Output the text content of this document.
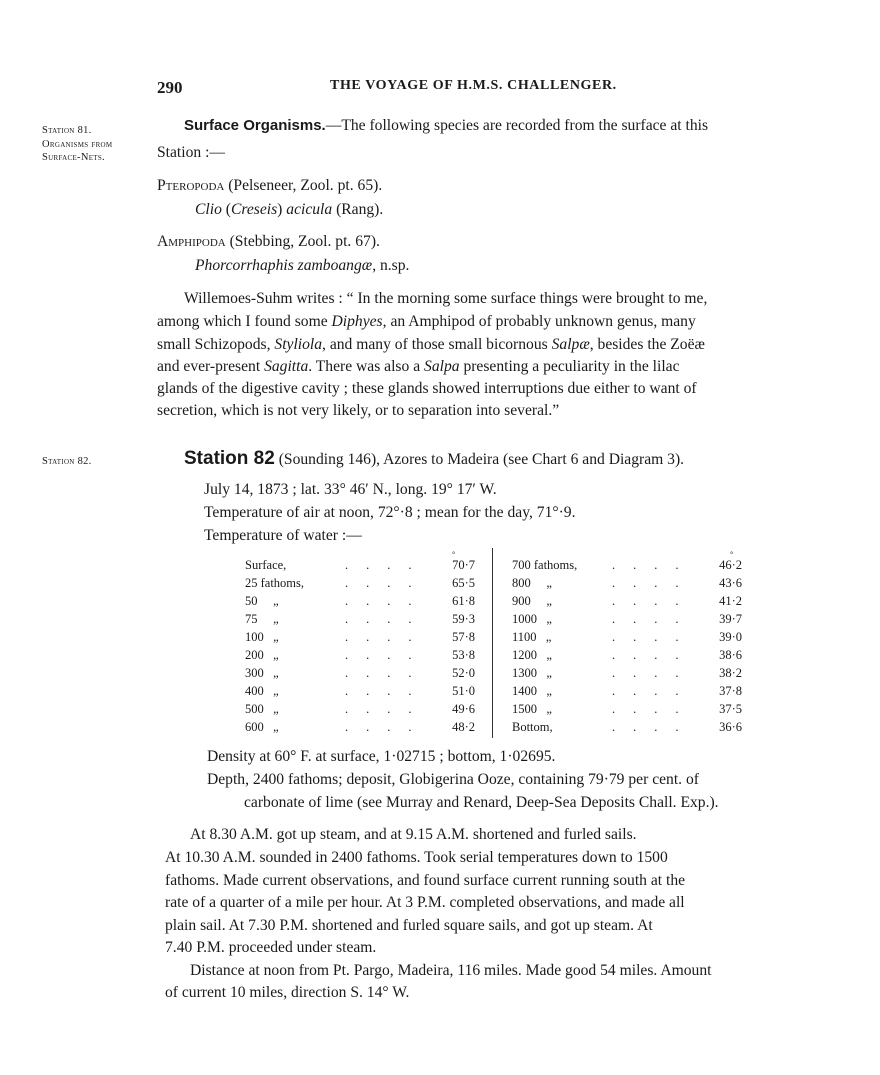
290	THE VOYAGE OF H.M.S. CHALLENGER.
Station 81.
Organisms from
Surface-Nets.
Station 82.
Surface Organisms.—The following species are recorded from the surface at this
Station :—
Pteropoda (Pelseneer, Zool. pt. 65).
Clio (Creseis) acicula (Rang).
Amphipoda (Stebbing, Zool. pt. 67).
Phorcorrhaphis zamboangæ, n.sp.
Willemoes-Suhm writes : “ In the morning some surface things were brought to me,
among which I found some Diphyes, an Amphipod of probably unknown genus, many
small Schizopods, Styliola, and many of those small bicornous Salpæ, besides the Zoëæ
and ever-present Sagitta. There was also a Salpa presenting a peculiarity in the lilac
glands of the digestive cavity ; these glands showed interruptions due either to want of
secretion, which is not very likely, or to separation into several.”
Station 82 (Sounding 146), Azores to Madeira (see Chart 6 and Diagram 3).
July 14, 1873 ; lat. 33° 46′ N., long. 19° 17′ W.
Temperature of air at noon, 72°·8 ; mean for the day, 71°·9.
Temperature of water :—
°	°
Surface,	.... 70·7
25 fathoms,	.... 65·5
50     „	.... 61·8
75     „	.... 59·3
100   „	.... 57·8
200   „	.... 53·8
300   „	.... 52·0
400   „	.... 51·0
500   „	.... 49·6
600   „	.... 48·2
700 fathoms,	.... 46·2
800     „	.... 43·6
900     „	.... 41·2
1000   „	.... 39·7
1100   „	.... 39·0
1200   „	.... 38·6
1300   „	.... 38·2
1400   „	.... 37·8
1500   „	.... 37·5
Bottom,	.... 36·6
Density at 60° F. at surface, 1·02715 ; bottom, 1·02695.
Depth, 2400 fathoms; deposit, Globigerina Ooze, containing 79·79 per cent. of
carbonate of lime (see Murray and Renard, Deep-Sea Deposits Chall. Exp.).
At 8.30 A.M. got up steam, and at 9.15 A.M. shortened and furled sails.
At 10.30 A.M. sounded in 2400 fathoms. Took serial temperatures down to 1500
fathoms. Made current observations, and found surface current running south at the
rate of a quarter of a mile per hour. At 3 P.M. completed observations, and made all
plain sail. At 7.30 P.M. shortened and furled square sails, and got up steam. At
7.40 P.M. proceeded under steam.
Distance at noon from Pt. Pargo, Madeira, 116 miles. Made good 54 miles. Amount
of current 10 miles, direction S. 14° W.
